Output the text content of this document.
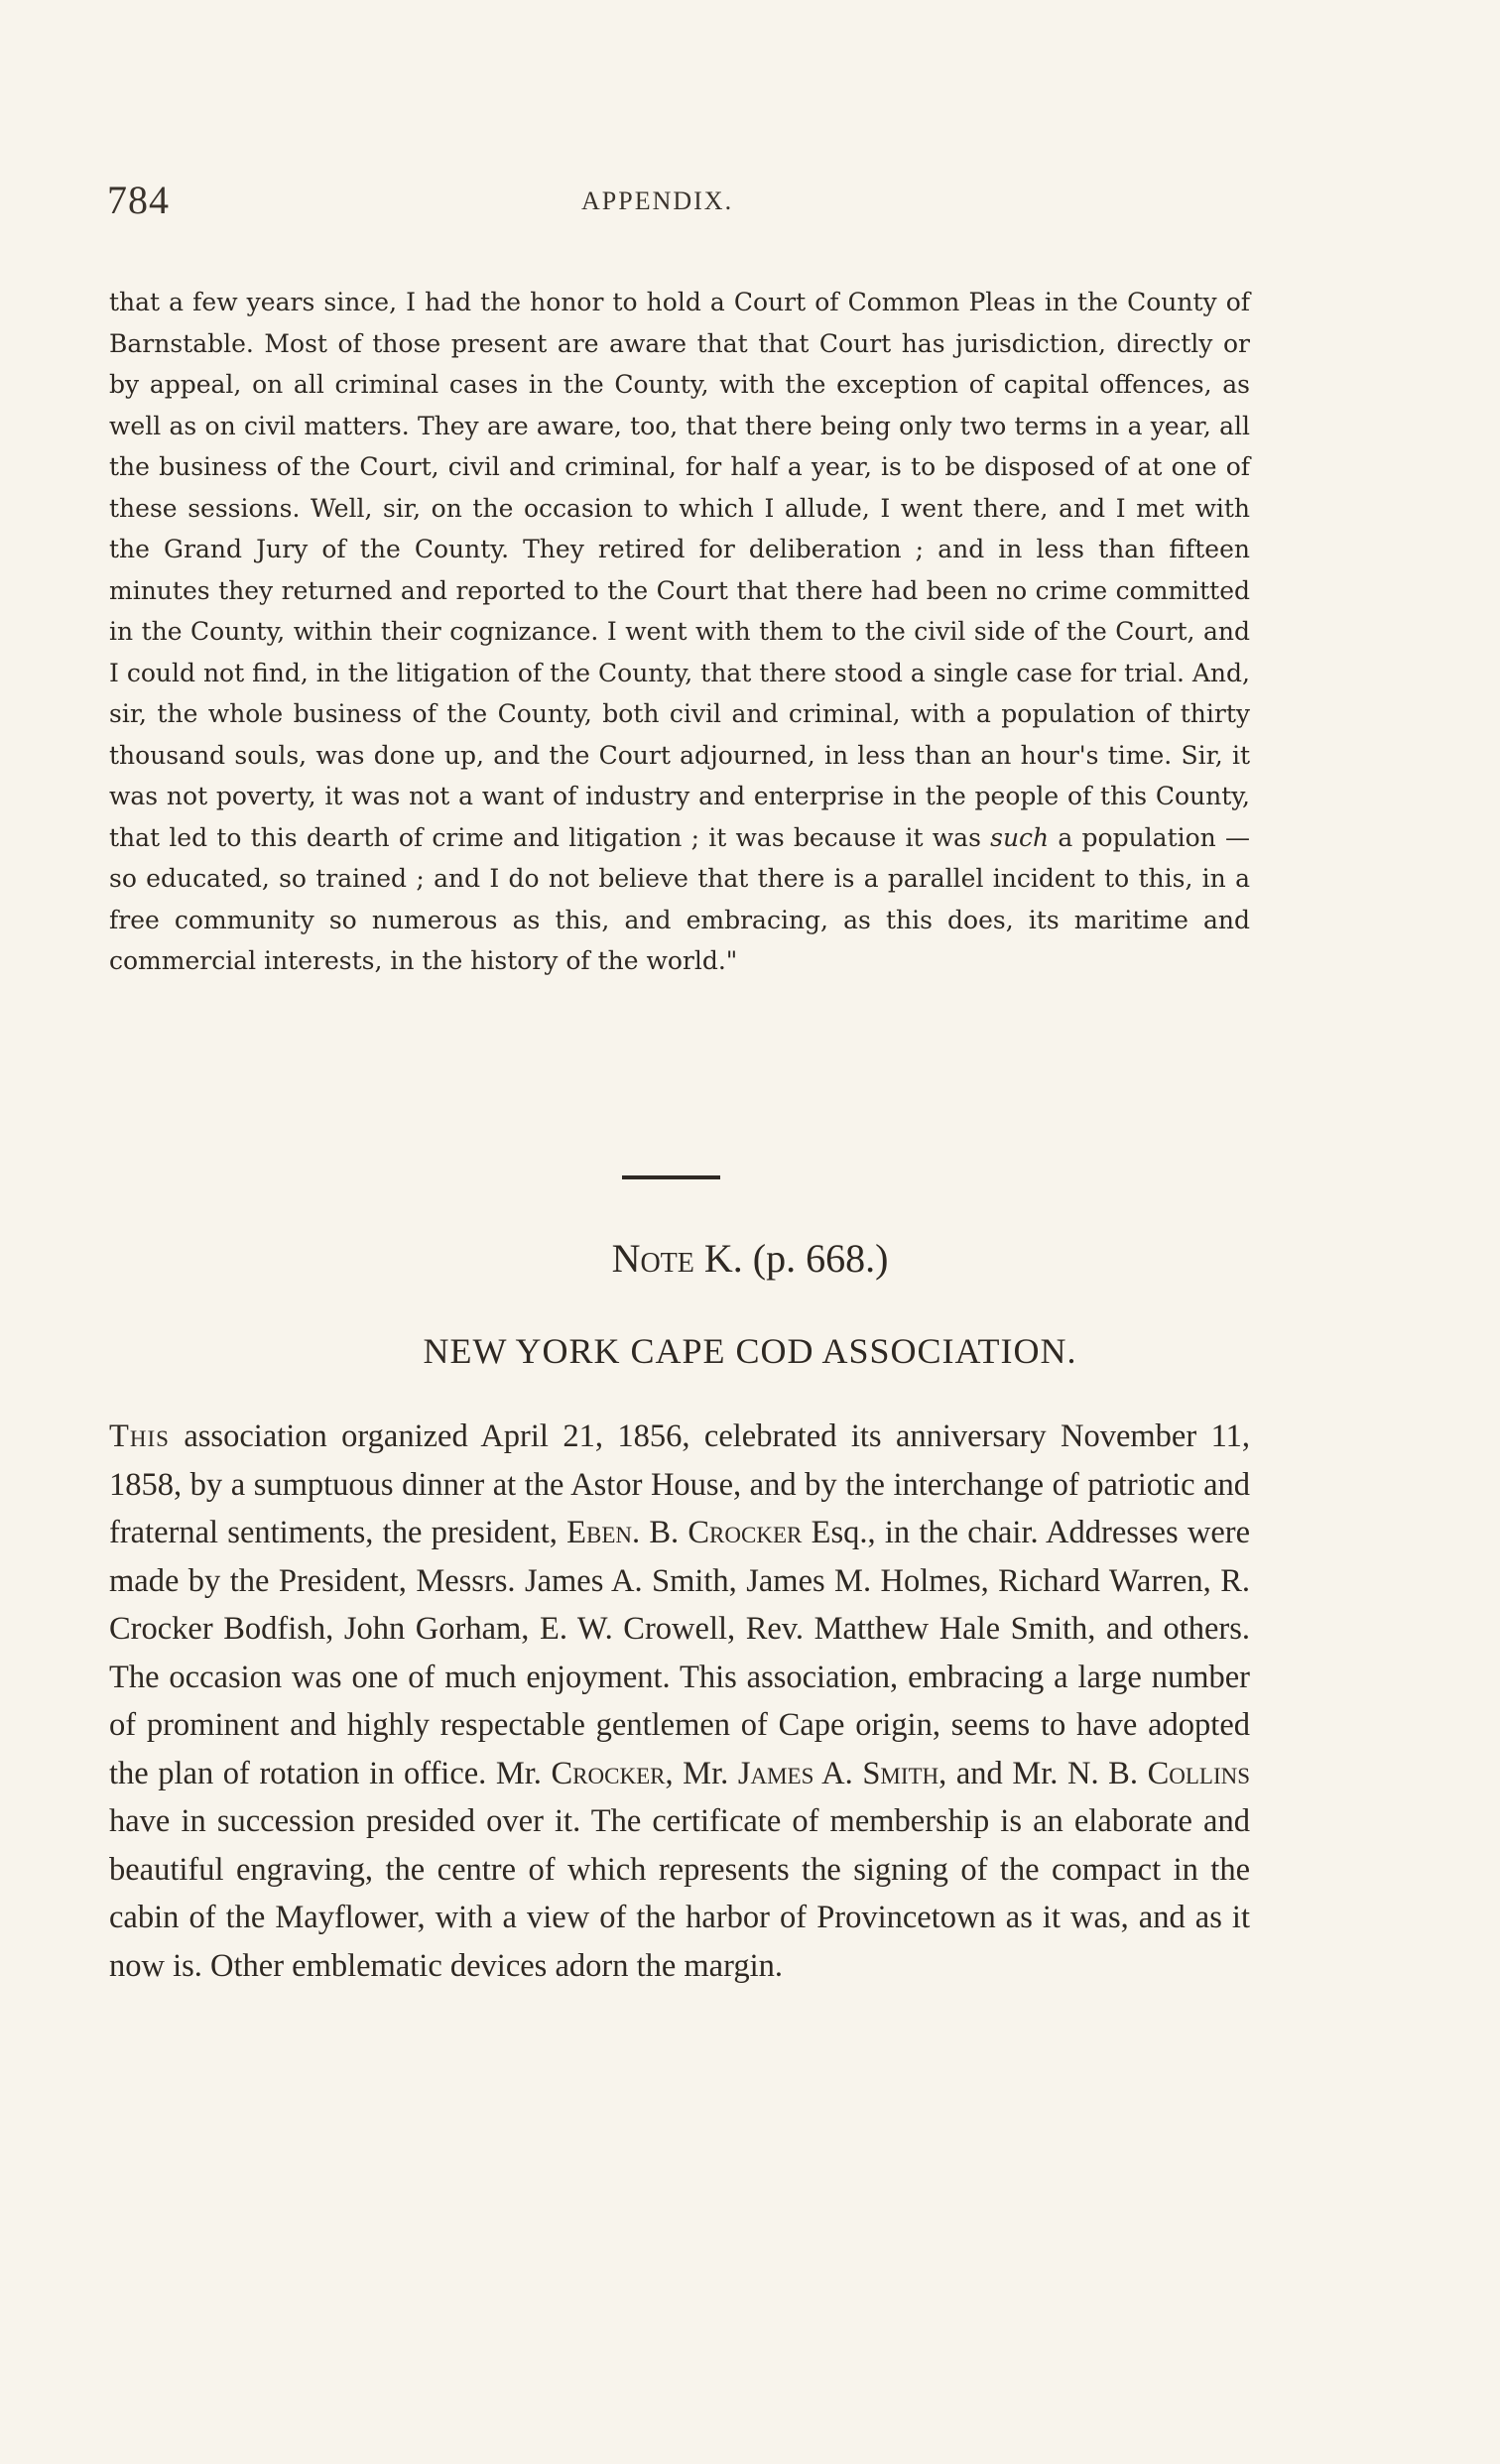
784	APPENDIX.

that a few years since, I had the honor to hold a Court of Common Pleas in the County of Barnstable. Most of those present are aware that that Court has jurisdiction, directly or by appeal, on all criminal cases in the County, with the exception of capital offences, as well as on civil matters. They are aware, too, that there being only two terms in a year, all the business of the Court, civil and criminal, for half a year, is to be disposed of at one of these sessions. Well, sir, on the occasion to which I allude, I went there, and I met with the Grand Jury of the County. They retired for deliberation ; and in less than fifteen minutes they returned and reported to the Court that there had been no crime committed in the County, within their cognizance. I went with them to the civil side of the Court, and I could not find, in the litigation of the County, that there stood a single case for trial. And, sir, the whole business of the County, both civil and criminal, with a population of thirty thousand souls, was done up, and the Court adjourned, in less than an hour's time. Sir, it was not poverty, it was not a want of industry and enterprise in the people of this County, that led to this dearth of crime and litigation ; it was because it was such a population — so educated, so trained ; and I do not believe that there is a parallel incident to this, in a free community so numerous as this, and embracing, as this does, its maritime and commercial interests, in the history of the world."

Note K. (p. 668.)
NEW YORK CAPE COD ASSOCIATION.

This association organized April 21, 1856, celebrated its anniversary November 11, 1858, by a sumptuous dinner at the Astor House, and by the interchange of patriotic and fraternal sentiments, the president, Eben. B. Crocker Esq., in the chair. Addresses were made by the President, Messrs. James A. Smith, James M. Holmes, Richard Warren, R. Crocker Bodfish, John Gorham, E. W. Crowell, Rev. Matthew Hale Smith, and others. The occasion was one of much enjoyment. This association, embracing a large number of prominent and highly respectable gentlemen of Cape origin, seems to have adopted the plan of rotation in office. Mr. Crocker, Mr. James A. Smith, and Mr. N. B. Collins have in succession presided over it. The certificate of membership is an elaborate and beautiful engraving, the centre of which represents the signing of the compact in the cabin of the Mayflower, with a view of the harbor of Provincetown as it was, and as it now is. Other emblematic devices adorn the margin.
